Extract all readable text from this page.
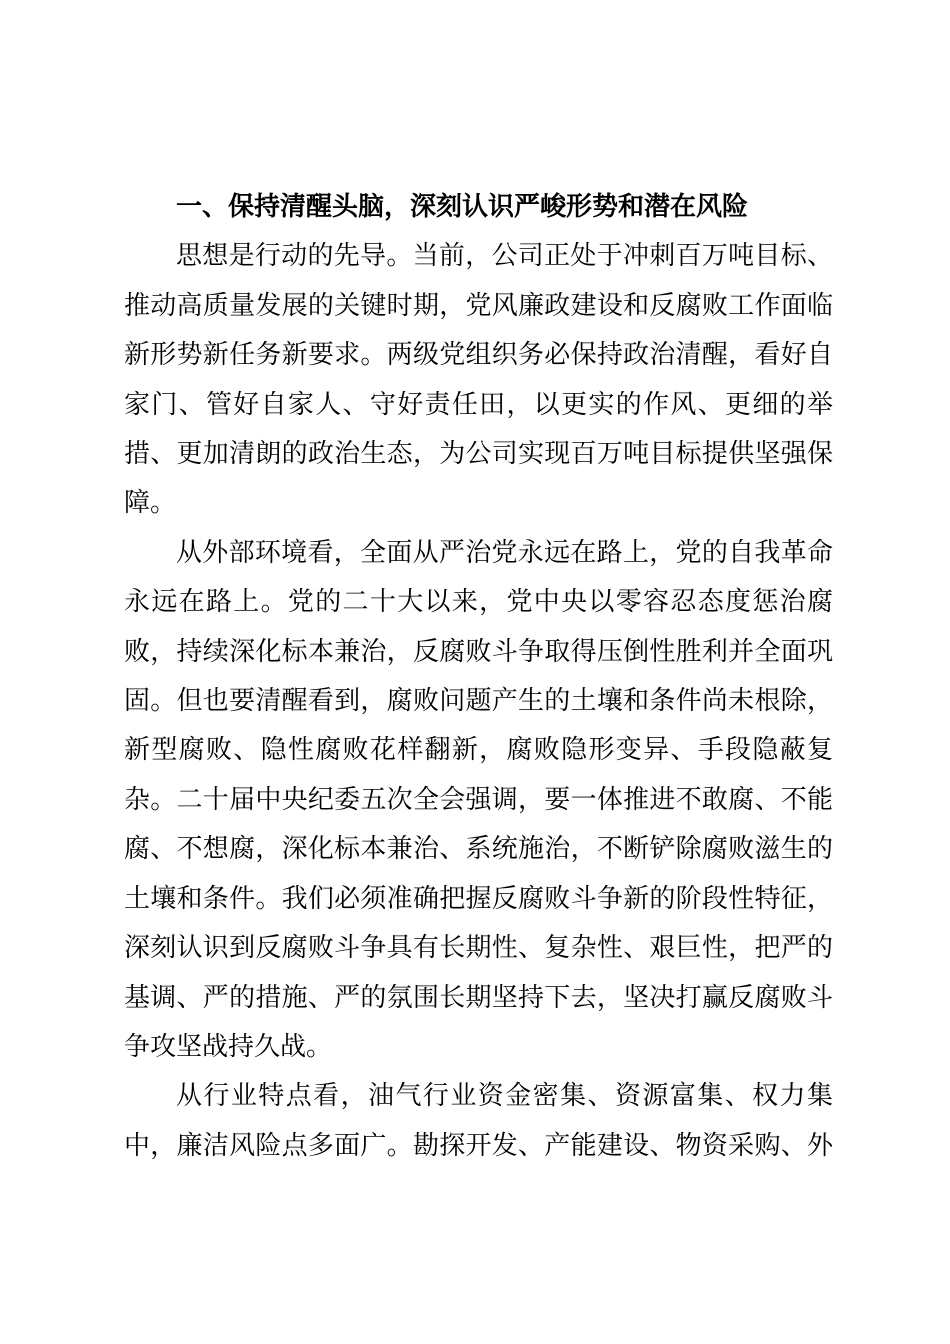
一、保持清醒头脑，深刻认识严峻形势和潜在风险
思想是行动的先导。当前，公司正处于冲刺百万吨目标、
推动高质量发展的关键时期，党风廉政建设和反腐败工作面临
新形势新任务新要求。两级党组织务必保持政治清醒，看好自
家门、管好自家人、守好责任田，以更实的作风、更细的举
措、更加清朗的政治生态，为公司实现百万吨目标提供坚强保
障。
从外部环境看，全面从严治党永远在路上，党的自我革命
永远在路上。党的二十大以来，党中央以零容忍态度惩治腐
败，持续深化标本兼治，反腐败斗争取得压倒性胜利并全面巩
固。但也要清醒看到，腐败问题产生的土壤和条件尚未根除，
新型腐败、隐性腐败花样翻新，腐败隐形变异、手段隐蔽复
杂。二十届中央纪委五次全会强调，要一体推进不敢腐、不能
腐、不想腐，深化标本兼治、系统施治，不断铲除腐败滋生的
土壤和条件。我们必须准确把握反腐败斗争新的阶段性特征，
深刻认识到反腐败斗争具有长期性、复杂性、艰巨性，把严的
基调、严的措施、严的氛围长期坚持下去，坚决打赢反腐败斗
争攻坚战持久战。
从行业特点看，油气行业资金密集、资源富集、权力集
中，廉洁风险点多面广。勘探开发、产能建设、物资采购、外
